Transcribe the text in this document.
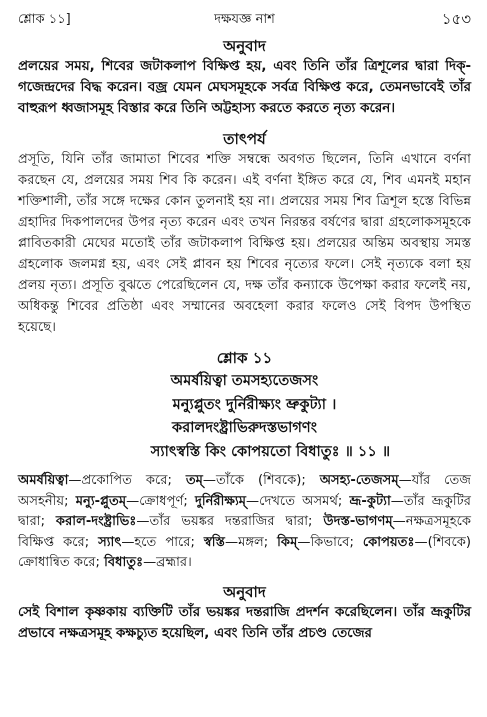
শ্লোক ১১]	দক্ষযজ্ঞ নাশ	১৫৩
অনুবাদ

প্রলয়ের সময়, শিবের জটাকলাপ বিক্ষিপ্ত হয়, এবং তিনি তাঁর ত্রিশূলের দ্বারা দিক্-গজেন্দ্রদের বিদ্ধ করেন। বজ্র যেমন মেঘসমূহকে সর্বত্র বিক্ষিপ্ত করে, তেমনভাবেই তাঁর বাহুরূপ ধ্বজাসমূহ বিস্তার করে তিনি অট্টহাস্য করতে করতে নৃত্য করেন।

তাৎপর্য

প্রসূতি, যিনি তাঁর জামাতা শিবের শক্তি সম্বন্ধে অবগত ছিলেন, তিনি এখানে বর্ণনা করছেন যে, প্রলয়ের সময় শিব কি করেন। এই বর্ণনা ইঙ্গিত করে যে, শিব এমনই মহান শক্তিশালী, তাঁর সঙ্গে দক্ষের কোন তুলনাই হয় না। প্রলয়ের সময় শিব ত্রিশূল হস্তে বিভিন্ন গ্রহাদির দিকপালদের উপর নৃত্য করেন এবং তখন নিরন্তর বর্ষণের দ্বারা গ্রহলোকসমূহকে প্লাবিতকারী মেঘের মতোই তাঁর জটাকলাপ বিক্ষিপ্ত হয়। প্রলয়ের অন্তিম অবস্থায় সমস্ত গ্রহলোক জলমগ্ন হয়, এবং সেই প্লাবন হয় শিবের নৃত্যের ফলে। সেই নৃত্যকে বলা হয় প্রলয় নৃত্য। প্রসূতি বুঝতে পেরেছিলেন যে, দক্ষ তাঁর কন্যাকে উপেক্ষা করার ফলেই নয়, অধিকন্তু শিবের প্রতিষ্ঠা এবং সম্মানের অবহেলা করার ফলেও সেই বিপদ উপস্থিত হয়েছে।

শ্লোক ১১
অমর্ষয়িত্বা তমসহ্যতেজসং
মন্যুপ্লুতং দুর্নিরীক্ষ্যং ভ্রুকুট্যা ।
করালদংষ্ট্রাভিরুদস্তভাগণং
স্যাৎস্বস্তি কিং কোপয়তো বিধাতুঃ ॥ ১১ ॥

অমর্ষয়িত্বা—প্রকোপিত করে; তম্—তাঁকে (শিবকে); অসহ্য-তেজসম্—যাঁর তেজ অসহনীয়; মন্যু-প্লুতম্—ক্রোধপূর্ণ; দুর্নিরীক্ষ্যম্—দেখতে অসমর্থ; ভ্রূ-কুট্যা—তাঁর ভ্রূকুটির দ্বারা; করাল-দংষ্ট্রাভিঃ—তাঁর ভয়ঙ্কর দন্তরাজির দ্বারা; উদস্ত-ভাগণম্—নক্ষত্রসমূহকে বিক্ষিপ্ত করে; স্যাৎ—হতে পারে; স্বস্তি—মঙ্গল; কিম্—কিভাবে; কোপয়তঃ—(শিবকে) ক্রোধান্বিত করে; বিধাতুঃ—ব্রহ্মার।

অনুবাদ

সেই বিশাল কৃষ্ণকায় ব্যক্তিটি তাঁর ভয়ঙ্কর দন্তরাজি প্রদর্শন করেছিলেন। তাঁর ভ্রূকুটির প্রভাবে নক্ষত্রসমূহ কক্ষচ্যুত হয়েছিল, এবং তিনি তাঁর প্রচণ্ড তেজের
